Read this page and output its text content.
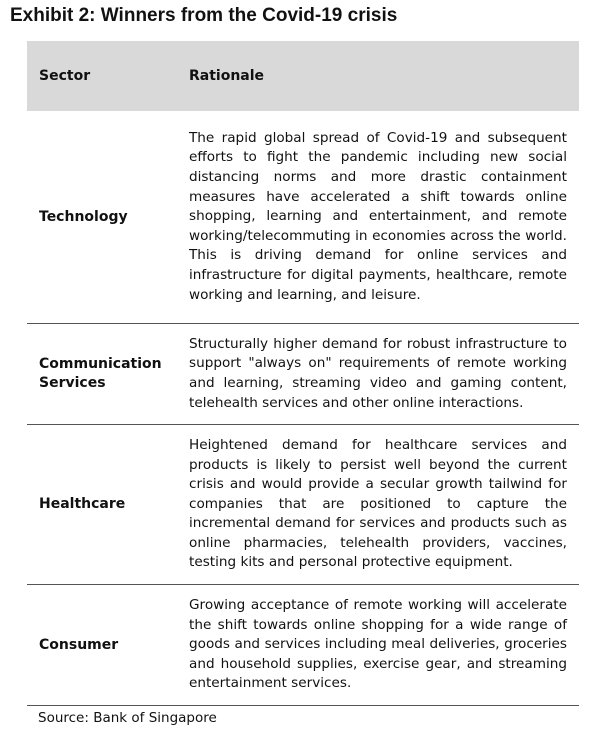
Exhibit 2: Winners from the Covid-19 crisis
Sector	Rationale
Technology	The rapid global spread of Covid-19 and subsequent efforts to fight the pandemic including new social distancing norms and more drastic containment measures have accelerated a shift towards online shopping, learning and entertainment, and remote working/telecommuting in economies across the world. This is driving demand for online services and infrastructure for digital payments, healthcare, remote working and learning, and leisure.
Communication Services	Structurally higher demand for robust infrastructure to support "always on" requirements of remote working and learning, streaming video and gaming content, telehealth services and other online interactions.
Healthcare	Heightened demand for healthcare services and products is likely to persist well beyond the current crisis and would provide a secular growth tailwind for companies that are positioned to capture the incremental demand for services and products such as online pharmacies, telehealth providers, vaccines, testing kits and personal protective equipment.
Consumer	Growing acceptance of remote working will accelerate the shift towards online shopping for a wide range of goods and services including meal deliveries, groceries and household supplies, exercise gear, and streaming entertainment services.
Source: Bank of Singapore
